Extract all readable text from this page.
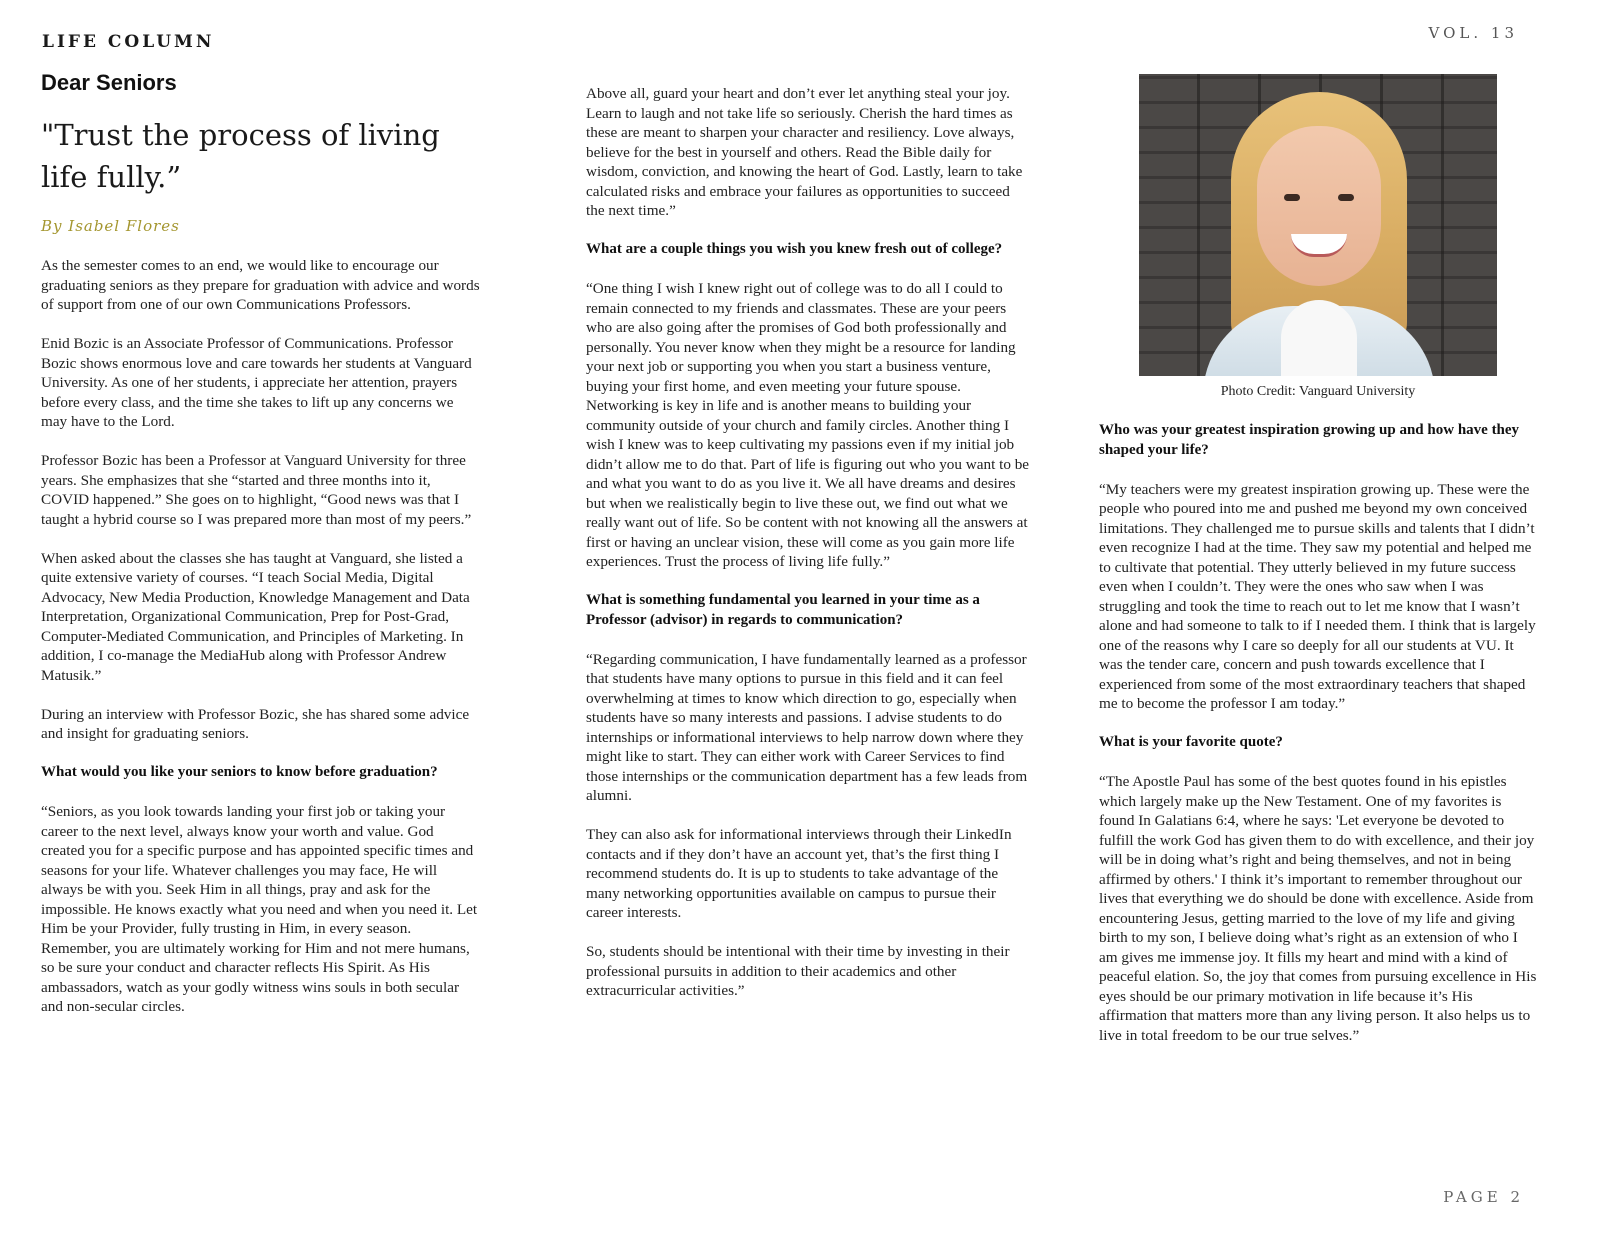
LIFE COLUMN	VOL. 13
Dear Seniors
"Trust the process of living life fully.”
By Isabel Flores

As the semester comes to an end, we would like to encourage our graduating seniors as they prepare for graduation with advice and words of support from one of our own Communications Professors.

Enid Bozic is an Associate Professor of Communications. Professor Bozic shows enormous love and care towards her students at Vanguard University. As one of her students, i appreciate her attention, prayers before every class, and the time she takes to lift up any concerns we may have to the Lord.

Professor Bozic has been a Professor at Vanguard University for three years. She emphasizes that she “started and three months into it, COVID happened.” She goes on to highlight, “Good news was that I taught a hybrid course so I was prepared more than most of my peers.”

When asked about the classes she has taught at Vanguard, she listed a quite extensive variety of courses. “I teach Social Media, Digital Advocacy, New Media Production, Knowledge Management and Data Interpretation, Organizational Communication, Prep for Post-Grad, Computer-Mediated Communication, and Principles of Marketing. In addition, I co-manage the MediaHub along with Professor Andrew Matusik.”

During an interview with Professor Bozic, she has shared some advice and insight for graduating seniors.

What would you like your seniors to know before graduation?

“Seniors, as you look towards landing your first job or taking your career to the next level, always know your worth and value. God created you for a specific purpose and has appointed specific times and seasons for your life. Whatever challenges you may face, He will always be with you. Seek Him in all things, pray and ask for the impossible. He knows exactly what you need and when you need it. Let Him be your Provider, fully trusting in Him, in every season. Remember, you are ultimately working for Him and not mere humans, so be sure your conduct and character reflects His Spirit. As His ambassadors, watch as your godly witness wins souls in both secular and non-secular circles.

Above all, guard your heart and don’t ever let anything steal your joy. Learn to laugh and not take life so seriously. Cherish the hard times as these are meant to sharpen your character and resiliency. Love always, believe for the best in yourself and others. Read the Bible daily for wisdom, conviction, and knowing the heart of God. Lastly, learn to take calculated risks and embrace your failures as opportunities to succeed the next time.”

What are a couple things you wish you knew fresh out of college?

“One thing I wish I knew right out of college was to do all I could to remain connected to my friends and classmates. These are your peers who are also going after the promises of God both professionally and personally. You never know when they might be a resource for landing your next job or supporting you when you start a business venture, buying your first home, and even meeting your future spouse. Networking is key in life and is another means to building your community outside of your church and family circles. Another thing I wish I knew was to keep cultivating my passions even if my initial job didn’t allow me to do that. Part of life is figuring out who you want to be and what you want to do as you live it. We all have dreams and desires but when we realistically begin to live these out, we find out what we really want out of life. So be content with not knowing all the answers at first or having an unclear vision, these will come as you gain more life experiences. Trust the process of living life fully.”

What is something fundamental you learned in your time as a Professor (advisor) in regards to communication?

“Regarding communication, I have fundamentally learned as a professor that students have many options to pursue in this field and it can feel overwhelming at times to know which direction to go, especially when students have so many interests and passions. I advise students to do internships or informational interviews to help narrow down where they might like to start. They can either work with Career Services to find those internships or the communication department has a few leads from alumni.

They can also ask for informational interviews through their LinkedIn contacts and if they don’t have an account yet, that’s the first thing I recommend students do. It is up to students to take advantage of the many networking opportunities available on campus to pursue their career interests.

So, students should be intentional with their time by investing in their professional pursuits in addition to their academics and other extracurricular activities.”

Photo Credit: Vanguard University

Who was your greatest inspiration growing up and how have they shaped your life?

“My teachers were my greatest inspiration growing up. These were the people who poured into me and pushed me beyond my own conceived limitations. They challenged me to pursue skills and talents that I didn’t even recognize I had at the time. They saw my potential and helped me to cultivate that potential. They utterly believed in my future success even when I couldn’t. They were the ones who saw when I was struggling and took the time to reach out to let me know that I wasn’t alone and had someone to talk to if I needed them. I think that is largely one of the reasons why I care so deeply for all our students at VU. It was the tender care, concern and push towards excellence that I experienced from some of the most extraordinary teachers that shaped me to become the professor I am today.”

What is your favorite quote?

“The Apostle Paul has some of the best quotes found in his epistles which largely make up the New Testament. One of my favorites is found In Galatians 6:4, where he says: 'Let everyone be devoted to fulfill the work God has given them to do with excellence, and their joy will be in doing what’s right and being themselves, and not in being affirmed by others.' I think it’s important to remember throughout our lives that everything we do should be done with excellence. Aside from encountering Jesus, getting married to the love of my life and giving birth to my son, I believe doing what’s right as an extension of who I am gives me immense joy. It fills my heart and mind with a kind of peaceful elation. So, the joy that comes from pursuing excellence in His eyes should be our primary motivation in life because it’s His affirmation that matters more than any living person. It also helps us to live in total freedom to be our true selves.”

PAGE 2
